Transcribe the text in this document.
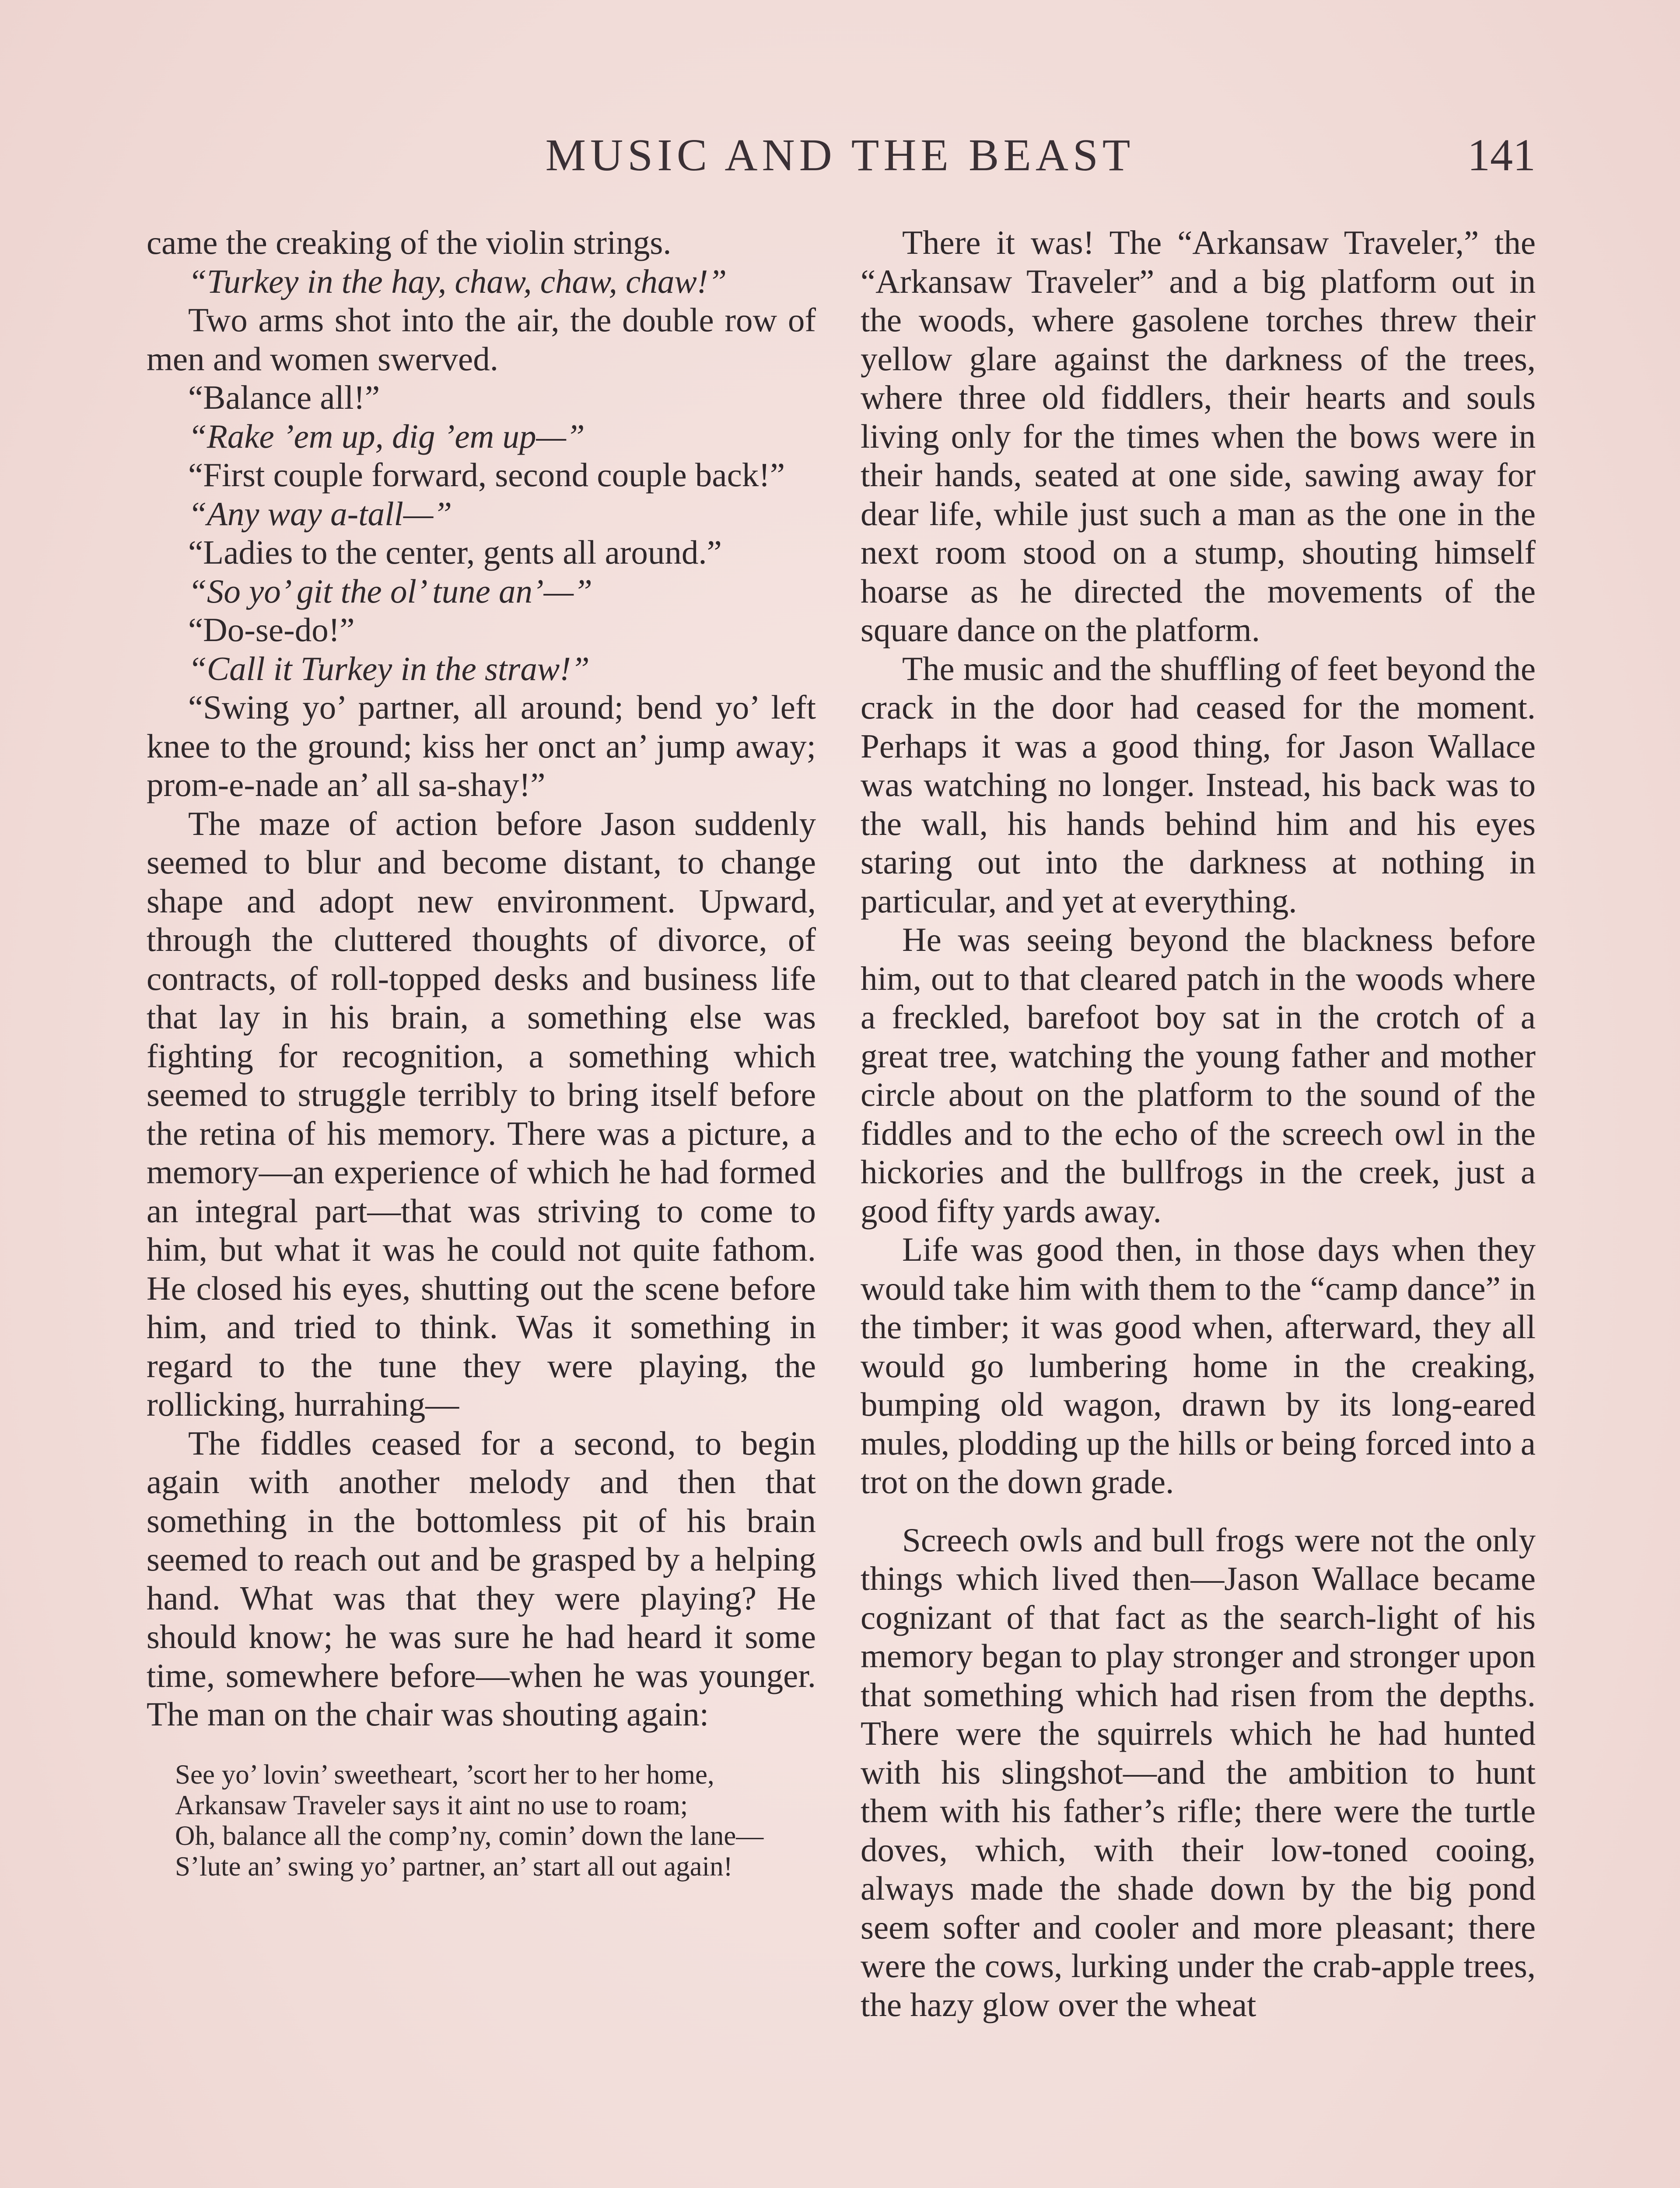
MUSIC AND THE BEAST	141

came the creaking of the violin strings.

“Turkey in the hay, chaw, chaw, chaw!”

Two arms shot into the air, the double row of men and women swerved.

“Balance all!”

“Rake ’em up, dig ’em up—”

“First couple forward, second couple back!”

“Any way a-tall—”

“Ladies to the center, gents all around.”

“So yo’ git the ol’ tune an’—”

“Do-se-do!”

“Call it Turkey in the straw!”

“Swing yo’ partner, all around; bend yo’ left knee to the ground; kiss her onct an’ jump away; prom-e-nade an’ all sa-shay!”

The maze of action before Jason suddenly seemed to blur and become distant, to change shape and adopt new environment. Upward, through the cluttered thoughts of divorce, of contracts, of roll-topped desks and business life that lay in his brain, a something else was fighting for recognition, a something which seemed to struggle terribly to bring itself before the retina of his memory. There was a picture, a memory—an experience of which he had formed an integral part—that was striving to come to him, but what it was he could not quite fathom. He closed his eyes, shutting out the scene before him, and tried to think. Was it something in regard to the tune they were playing, the rollicking, hurrahing—

The fiddles ceased for a second, to begin again with another melody and then that something in the bottomless pit of his brain seemed to reach out and be grasped by a helping hand. What was that they were playing? He should know; he was sure he had heard it some time, somewhere before—when he was younger. The man on the chair was shouting again:

See yo’ lovin’ sweetheart, ’scort her to her home,
Arkansaw Traveler says it aint no use to roam;
Oh, balance all the comp’ny, comin’ down the lane—
S’lute an’ swing yo’ partner, an’ start all out again!

There it was! The “Arkansaw Traveler,” the “Arkansaw Traveler” and a big platform out in the woods, where gasolene torches threw their yellow glare against the darkness of the trees, where three old fiddlers, their hearts and souls living only for the times when the bows were in their hands, seated at one side, sawing away for dear life, while just such a man as the one in the next room stood on a stump, shouting himself hoarse as he directed the movements of the square dance on the platform.

The music and the shuffling of feet beyond the crack in the door had ceased for the moment. Perhaps it was a good thing, for Jason Wallace was watching no longer. Instead, his back was to the wall, his hands behind him and his eyes staring out into the darkness at nothing in particular, and yet at everything.

He was seeing beyond the blackness before him, out to that cleared patch in the woods where a freckled, barefoot boy sat in the crotch of a great tree, watching the young father and mother circle about on the platform to the sound of the fiddles and to the echo of the screech owl in the hickories and the bullfrogs in the creek, just a good fifty yards away.

Life was good then, in those days when they would take him with them to the “camp dance” in the timber; it was good when, afterward, they all would go lumbering home in the creaking, bumping old wagon, drawn by its long-eared mules, plodding up the hills or being forced into a trot on the down grade.

Screech owls and bull frogs were not the only things which lived then—Jason Wallace became cognizant of that fact as the search-light of his memory began to play stronger and stronger upon that something which had risen from the depths. There were the squirrels which he had hunted with his slingshot—and the ambition to hunt them with his father’s rifle; there were the turtle doves, which, with their low-toned cooing, always made the shade down by the big pond seem softer and cooler and more pleasant; there were the cows, lurking under the crab-apple trees, the hazy glow over the wheat
